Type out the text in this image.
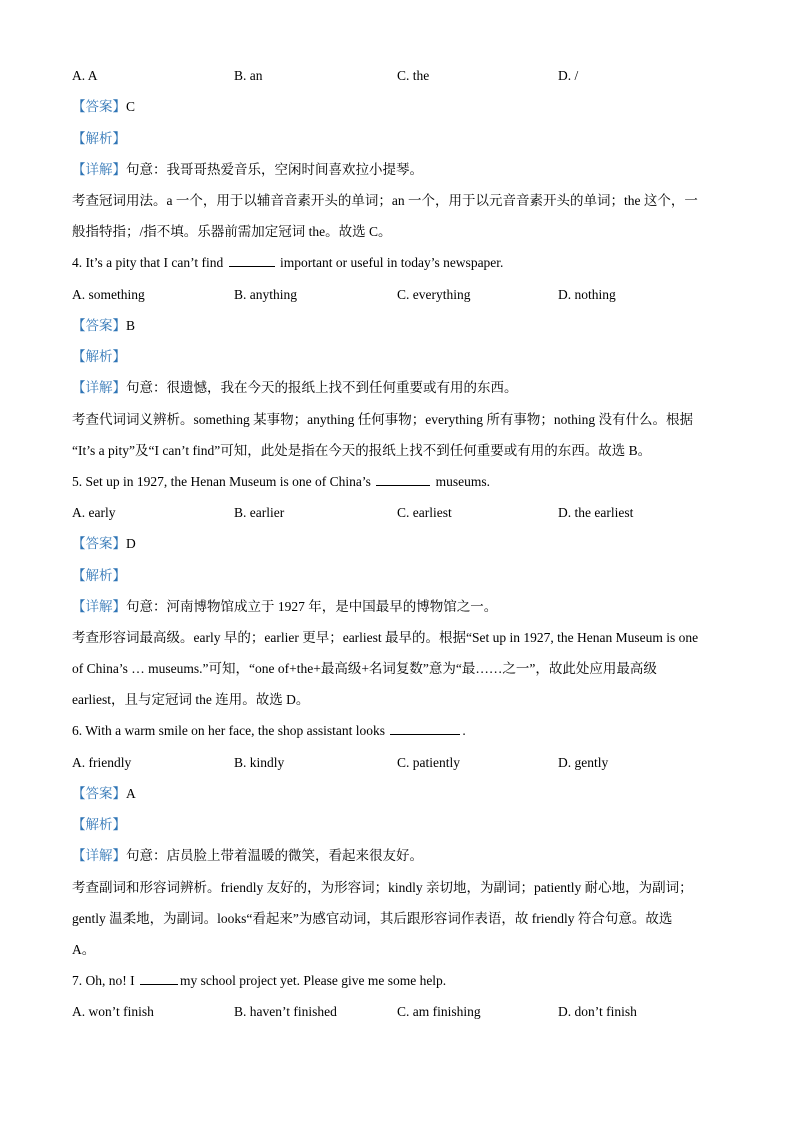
A. A	B. an	C. the	D. /
【答案】C
【解析】
【详解】句意：我哥哥热爱音乐，空闲时间喜欢拉小提琴。
考查冠词用法。a 一个，用于以辅音音素开头的单词；an 一个，用于以元音音素开头的单词；the 这个，一
般指特指；/指不填。乐器前需加定冠词 the。故选 C。
4. It’s a pity that I can’t find	important or useful in today’s newspaper.
A. something	B. anything	C. everything	D. nothing
【答案】B
【解析】
【详解】句意：很遗憾，我在今天的报纸上找不到任何重要或有用的东西。
考查代词词义辨析。something 某事物；anything 任何事物；everything 所有事物；nothing 没有什么。根据
“It’s a pity”及“I can’t find”可知，此处是指在今天的报纸上找不到任何重要或有用的东西。故选 B。
5. Set up in 1927, the Henan Museum is one of China’s	museums.
A. early	B. earlier	C. earliest	D. the earliest
【答案】D
【解析】
【详解】句意：河南博物馆成立于 1927 年，是中国最早的博物馆之一。
考查形容词最高级。early 早的；earlier 更早；earliest 最早的。根据“Set up in 1927, the Henan Museum is one
of China’s … museums.”可知，“one of+the+最高级+名词复数”意为“最……之一”，故此处应用最高级
earliest，且与定冠词 the 连用。故选 D。
6. With a warm smile on her face, the shop assistant looks	.
A. friendly	B. kindly	C. patiently	D. gently
【答案】A
【解析】
【详解】句意：店员脸上带着温暖的微笑，看起来很友好。
考查副词和形容词辨析。friendly 友好的，为形容词；kindly 亲切地，为副词；patiently 耐心地，为副词；
gently 温柔地，为副词。looks“看起来”为感官动词，其后跟形容词作表语，故 friendly 符合句意。故选
A。
7. Oh, no! I	my school project yet. Please give me some help.
A. won’t finish	B. haven’t finished	C. am finishing	D. don’t finish
